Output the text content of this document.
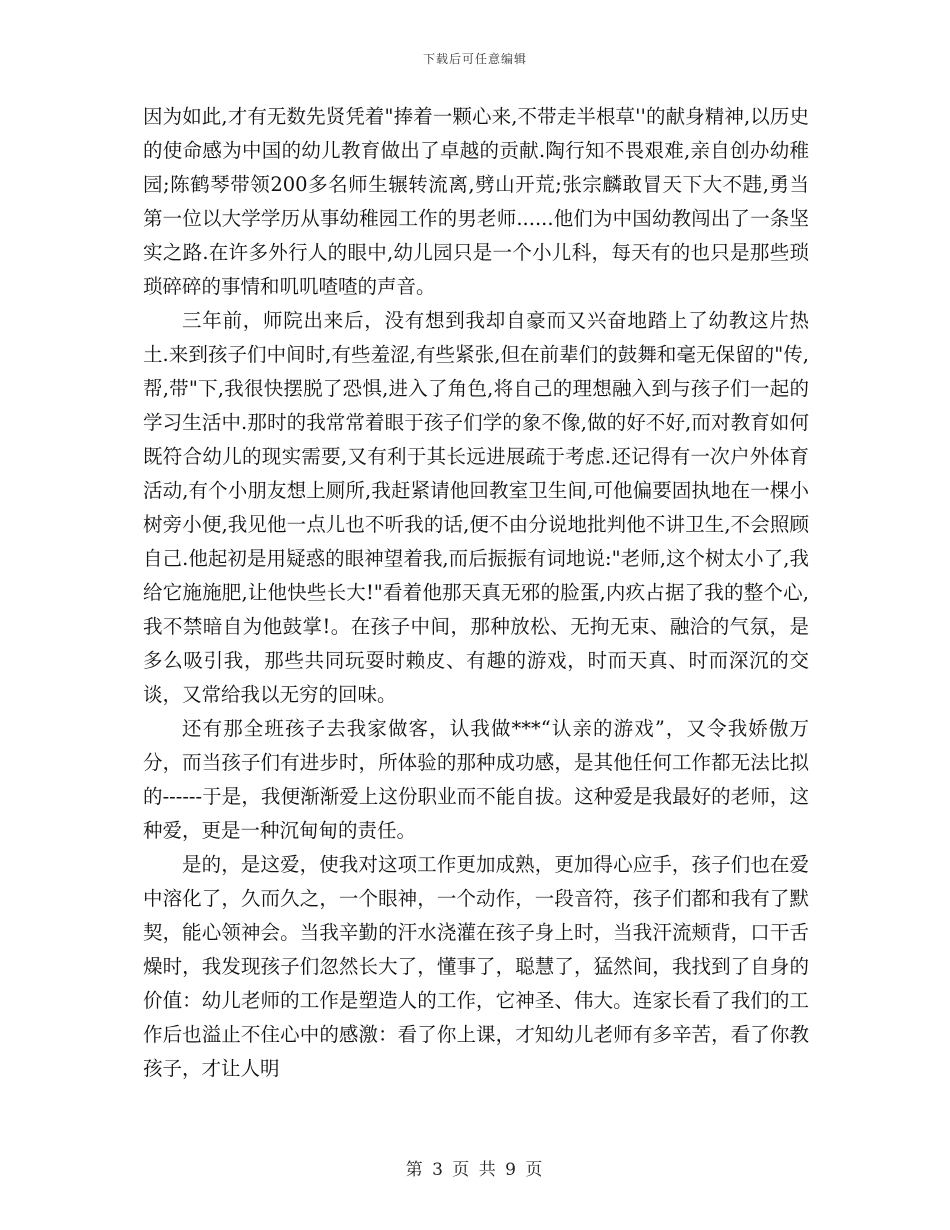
下载后可任意编辑

因为如此,才有无数先贤凭着"捧着一颗心来,不带走半根草''的献身精神,以历史的使命感为中国的幼儿教育做出了卓越的贡献.陶行知不畏艰难,亲自创办幼稚园;陈鹤琴带领200多名师生辗转流离,劈山开荒;张宗麟敢冒天下大不韪,勇当第一位以大学学历从事幼稚园工作的男老师......他们为中国幼教闯出了一条坚实之路.在许多外行人的眼中,幼儿园只是一个小儿科，每天有的也只是那些琐琐碎碎的事情和叽叽喳喳的声音。

三年前，师院出来后，没有想到我却自豪而又兴奋地踏上了幼教这片热土.来到孩子们中间时,有些羞涩,有些紧张,但在前辈们的鼓舞和毫无保留的"传,帮,带"下,我很快摆脱了恐惧,进入了角色,将自己的理想融入到与孩子们一起的学习生活中.那时的我常常着眼于孩子们学的象不像,做的好不好,而对教育如何既符合幼儿的现实需要,又有利于其长远进展疏于考虑.还记得有一次户外体育活动,有个小朋友想上厕所,我赶紧请他回教室卫生间,可他偏要固执地在一棵小树旁小便,我见他一点儿也不听我的话,便不由分说地批判他不讲卫生,不会照顾自己.他起初是用疑惑的眼神望着我,而后振振有词地说:"老师,这个树太小了,我给它施施肥,让他快些长大!"看着他那天真无邪的脸蛋,内疚占据了我的整个心,我不禁暗自为他鼓掌!。在孩子中间，那种放松、无拘无束、融洽的气氛，是多么吸引我，那些共同玩耍时赖皮、有趣的游戏，时而天真、时而深沉的交谈，又常给我以无穷的回味。

还有那全班孩子去我家做客，认我做***“认亲的游戏”，又令我娇傲万分，而当孩子们有进步时，所体验的那种成功感，是其他任何工作都无法比拟的------于是，我便渐渐爱上这份职业而不能自拔。这种爱是我最好的老师，这种爱，更是一种沉甸甸的责任。

是的，是这爱，使我对这项工作更加成熟，更加得心应手，孩子们也在爱中溶化了，久而久之，一个眼神，一个动作，一段音符，孩子们都和我有了默契，能心领神会。当我辛勤的汗水浇灌在孩子身上时，当我汗流颊背，口干舌燥时，我发现孩子们忽然长大了，懂事了，聪慧了，猛然间，我找到了自身的价值：幼儿老师的工作是塑造人的工作，它神圣、伟大。连家长看了我们的工作后也溢止不住心中的感激：看了你上课，才知幼儿老师有多辛苦，看了你教孩子，才让人明

第 3 页 共 9 页
